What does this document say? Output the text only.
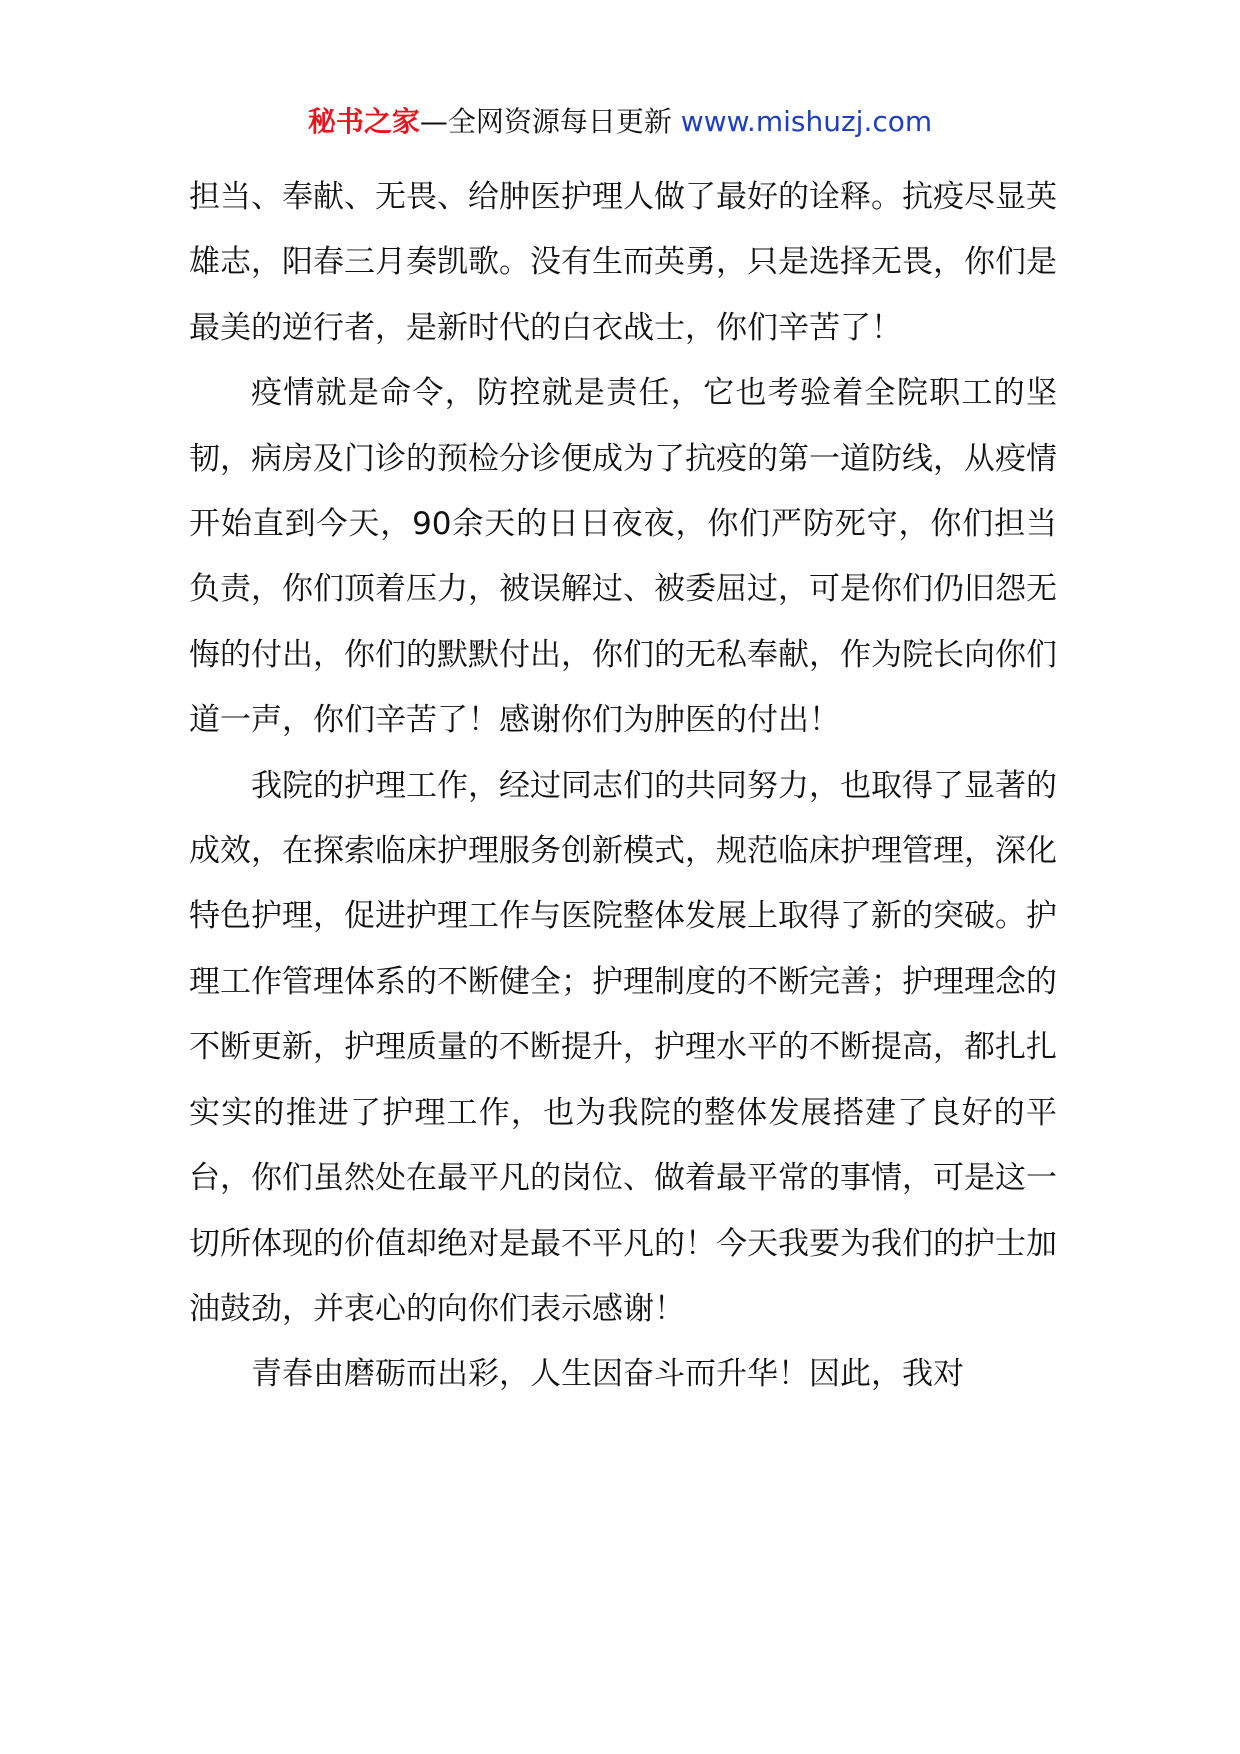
秘书之家—全网资源每日更新 www.mishuzj.com

担当、奉献、无畏、给肿医护理人做了最好的诠释。抗疫尽显英雄志，阳春三月奏凯歌。没有生而英勇，只是选择无畏，你们是最美的逆行者，是新时代的白衣战士，你们辛苦了！

疫情就是命令，防控就是责任，它也考验着全院职工的坚韧，病房及门诊的预检分诊便成为了抗疫的第一道防线，从疫情开始直到今天，90余天的日日夜夜，你们严防死守，你们担当负责，你们顶着压力，被误解过、被委屈过，可是你们仍旧怨无悔的付出，你们的默默付出，你们的无私奉献，作为院长向你们道一声，你们辛苦了！感谢你们为肿医的付出！

我院的护理工作，经过同志们的共同努力，也取得了显著的成效，在探索临床护理服务创新模式，规范临床护理管理，深化特色护理，促进护理工作与医院整体发展上取得了新的突破。护理工作管理体系的不断健全；护理制度的不断完善；护理理念的不断更新，护理质量的不断提升，护理水平的不断提高，都扎扎实实的推进了护理工作，也为我院的整体发展搭建了良好的平台，你们虽然处在最平凡的岗位、做着最平常的事情，可是这一切所体现的价值却绝对是最不平凡的！今天我要为我们的护士加油鼓劲，并衷心的向你们表示感谢！

青春由磨砺而出彩，人生因奋斗而升华！因此，我对
